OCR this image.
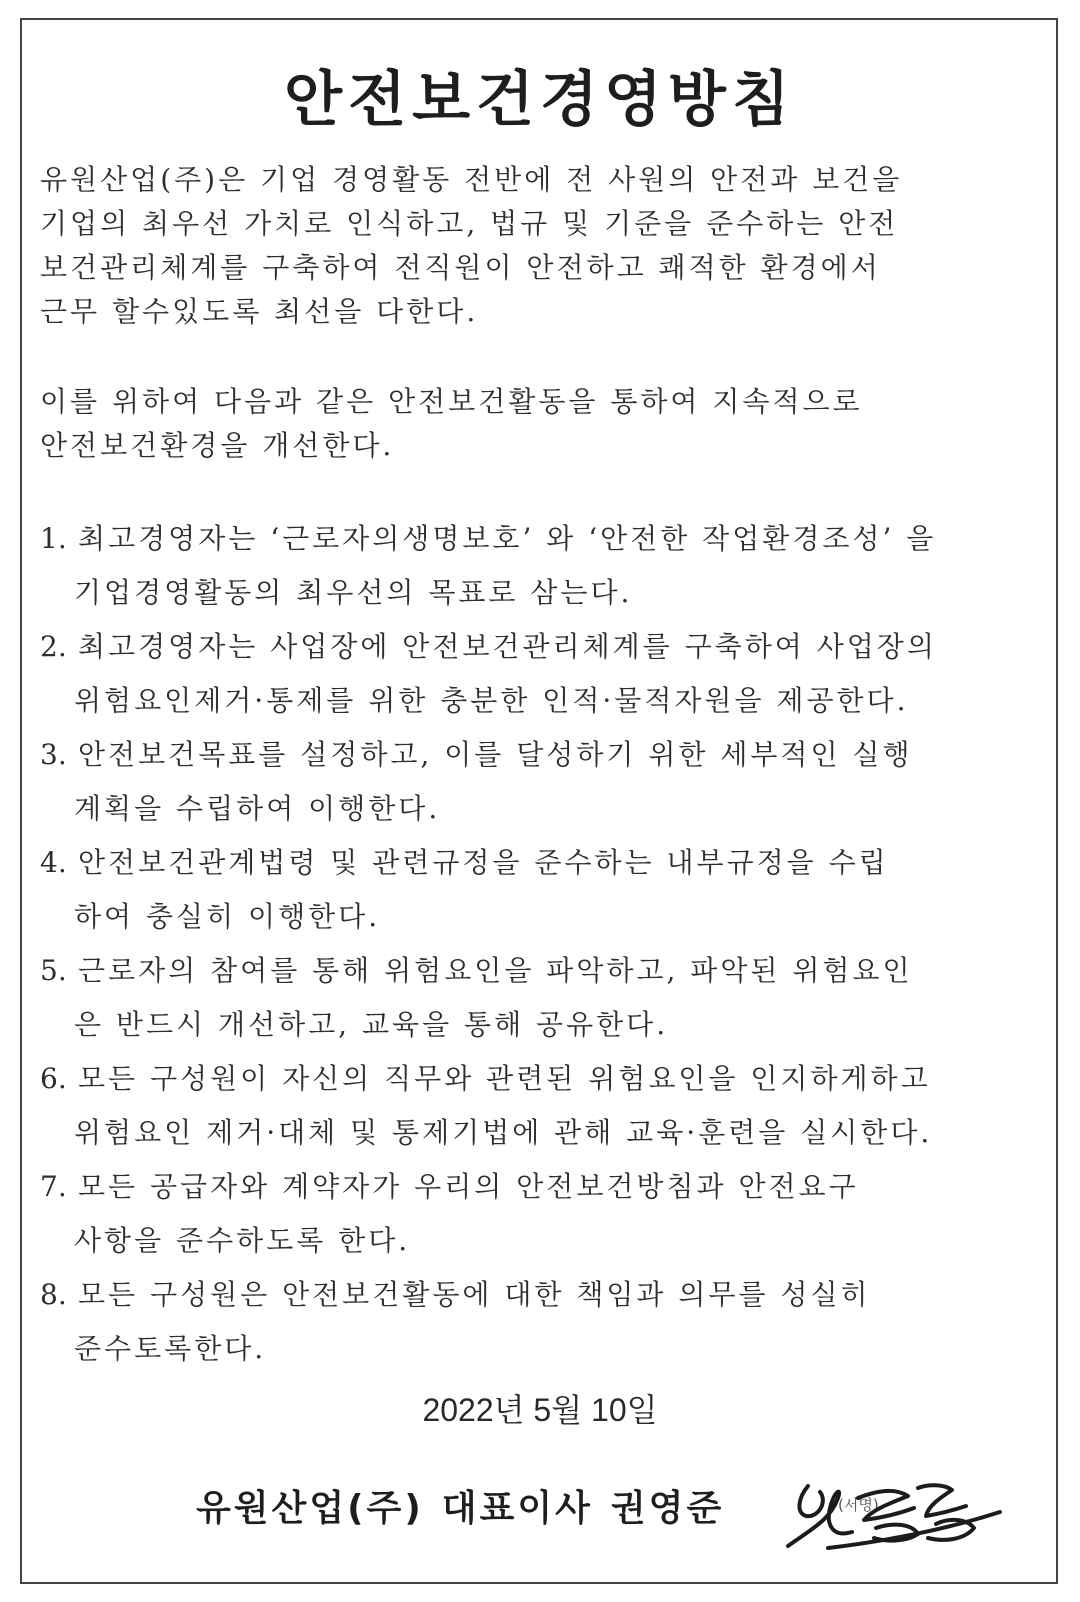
안전보건경영방침
유원산업(주)은 기업 경영활동 전반에 전 사원의 안전과 보건을
기업의 최우선 가치로 인식하고, 법규 및 기준을 준수하는 안전
보건관리체계를 구축하여 전직원이 안전하고 쾌적한 환경에서
근무 할수있도록 최선을 다한다.
이를 위하여 다음과 같은 안전보건활동을 통하여 지속적으로
안전보건환경을 개선한다.
1. 최고경영자는 ‘근로자의생명보호’ 와 ‘안전한 작업환경조성’ 을
기업경영활동의 최우선의 목표로 삼는다.
2. 최고경영자는 사업장에 안전보건관리체계를 구축하여 사업장의
위험요인제거·통제를 위한 충분한 인적·물적자원을 제공한다.
3. 안전보건목표를 설정하고, 이를 달성하기 위한 세부적인 실행
계획을 수립하여 이행한다.
4. 안전보건관계법령 및 관련규정을 준수하는 내부규정을 수립
하여 충실히 이행한다.
5. 근로자의 참여를 통해 위험요인을 파악하고, 파악된 위험요인
은 반드시 개선하고, 교육을 통해 공유한다.
6. 모든 구성원이 자신의 직무와 관련된 위험요인을 인지하게하고
위험요인 제거·대체 및 통제기법에 관해 교육·훈련을 실시한다.
7. 모든 공급자와 계약자가 우리의 안전보건방침과 안전요구
사항을 준수하도록 한다.
8. 모든 구성원은 안전보건활동에 대한 책임과 의무를 성실히
준수토록한다.
2022년 5월 10일
유원산업(주) 대표이사 권영준	(서명)
